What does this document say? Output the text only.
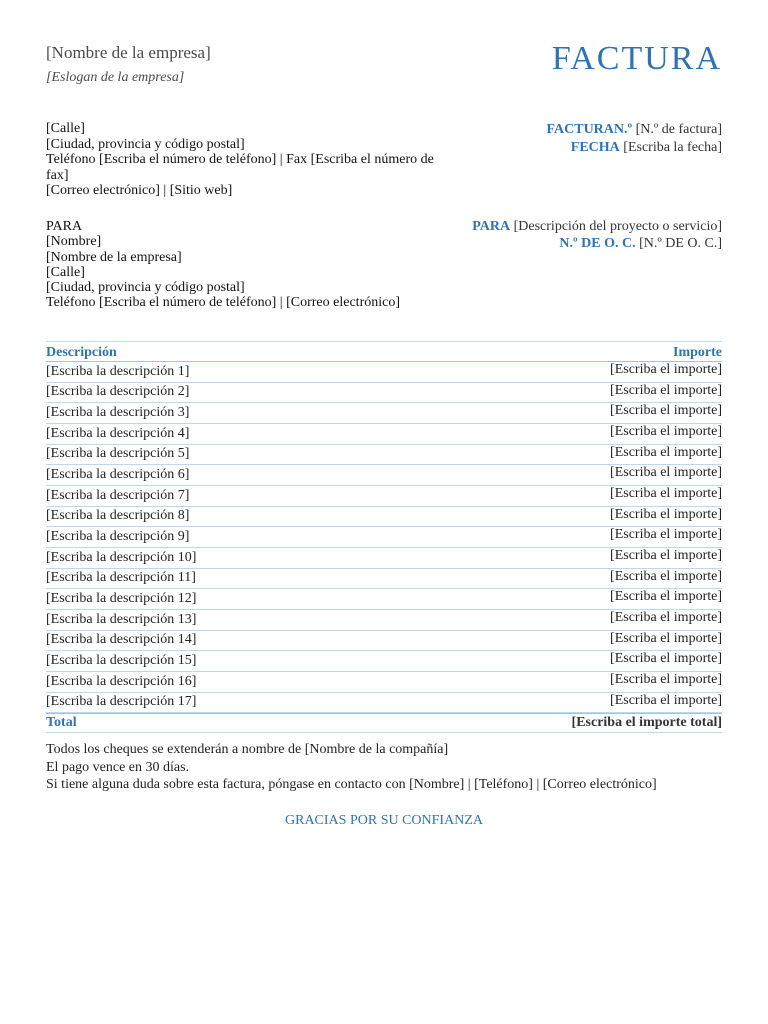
[Nombre de la empresa]
[Eslogan de la empresa]
FACTURA
[Calle]
[Ciudad, provincia y código postal]
Teléfono [Escriba el número de teléfono] | Fax [Escriba el número de fax]
[Correo electrónico] | [Sitio web]
FACTURAN.º [N.º de factura]
FECHA [Escriba la fecha]
PARA
[Nombre]
[Nombre de la empresa]
[Calle]
[Ciudad, provincia y código postal]
Teléfono [Escriba el número de teléfono] | [Correo electrónico]
PARA [Descripción del proyecto o servicio]
N.º DE O. C. [N.º DE O. C.]
Descripción	Importe
[Escriba la descripción 1]	[Escriba el importe]
[Escriba la descripción 2]	[Escriba el importe]
[Escriba la descripción 3]	[Escriba el importe]
[Escriba la descripción 4]	[Escriba el importe]
[Escriba la descripción 5]	[Escriba el importe]
[Escriba la descripción 6]	[Escriba el importe]
[Escriba la descripción 7]	[Escriba el importe]
[Escriba la descripción 8]	[Escriba el importe]
[Escriba la descripción 9]	[Escriba el importe]
[Escriba la descripción 10]	[Escriba el importe]
[Escriba la descripción 11]	[Escriba el importe]
[Escriba la descripción 12]	[Escriba el importe]
[Escriba la descripción 13]	[Escriba el importe]
[Escriba la descripción 14]	[Escriba el importe]
[Escriba la descripción 15]	[Escriba el importe]
[Escriba la descripción 16]	[Escriba el importe]
[Escriba la descripción 17]	[Escriba el importe]
Total	[Escriba el importe total]
Todos los cheques se extenderán a nombre de [Nombre de la compañía]
El pago vence en 30 días.
Si tiene alguna duda sobre esta factura, póngase en contacto con [Nombre] | [Teléfono] | [Correo electrónico]
GRACIAS POR SU CONFIANZA
